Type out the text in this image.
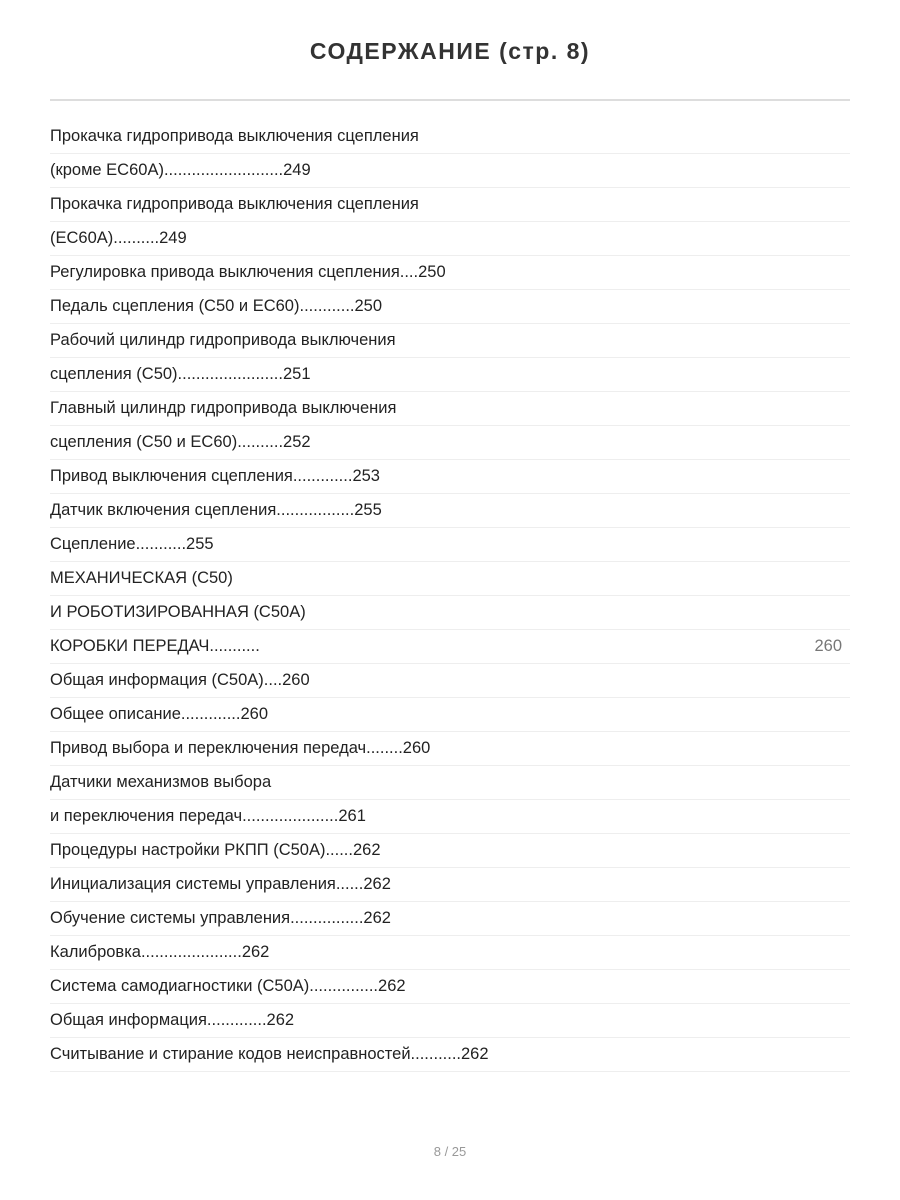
СОДЕРЖАНИЕ (стр. 8)
Прокачка гидропривода выключения сцепления
(кроме EC60A)..........................249
Прокачка гидропривода выключения сцепления
(EC60A)..........249
Регулировка привода выключения сцепления....250
Педаль сцепления (C50 и EC60)............250
Рабочий цилиндр гидропривода выключения
сцепления (C50).......................251
Главный цилиндр гидропривода выключения
сцепления (C50 и EC60)..........252
Привод выключения сцепления.............253
Датчик включения сцепления.................255
Сцепление...........255
МЕХАНИЧЕСКАЯ (C50)
И РОБОТИЗИРОВАННАЯ (C50A)
КОРОБКИ ПЕРЕДАЧ...........	260
Общая информация (C50A)....260
Общее описание.............260
Привод выбора и переключения передач........260
Датчики механизмов выбора
и переключения передач.....................261
Процедуры настройки РКПП (C50A)......262
Инициализация системы управления......262
Обучение системы управления................262
Калибровка......................262
Система самодиагностики (C50A)...............262
Общая информация.............262
Считывание и стирание кодов неисправностей...........262
8 / 25
